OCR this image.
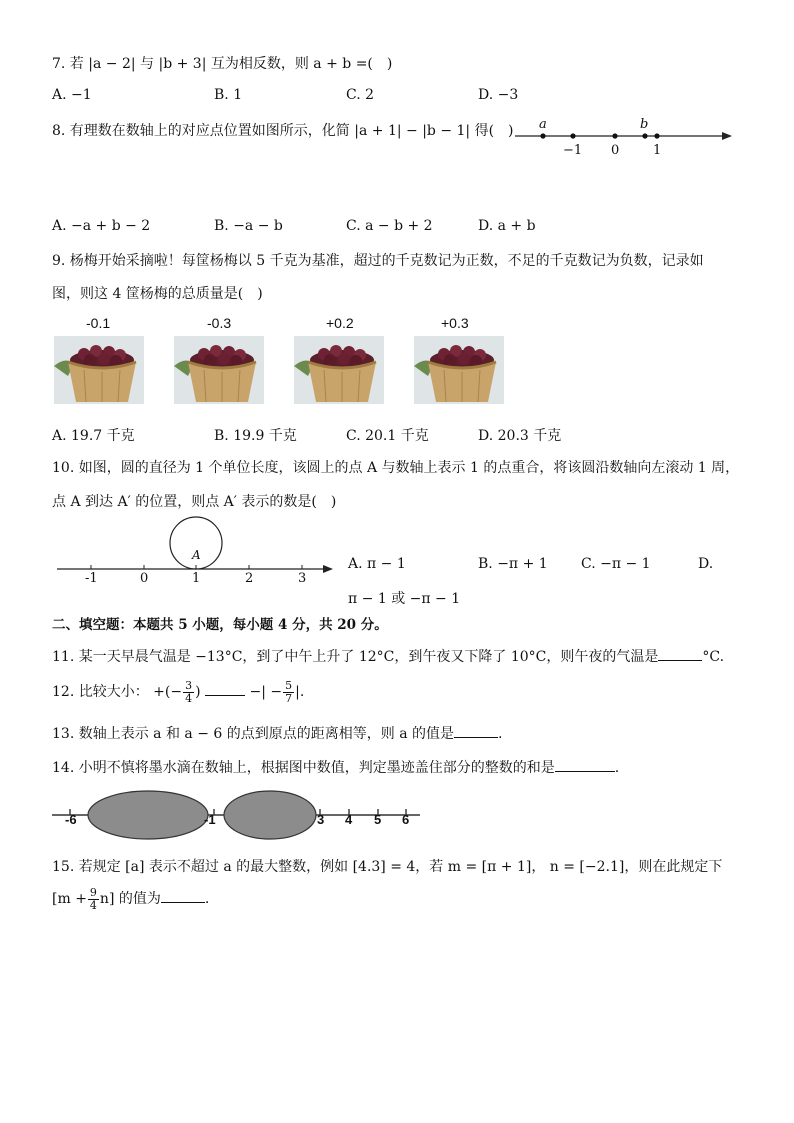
7. 若 |a − 2| 与 |b + 3| 互为相反数，则 a + b =(　)
A. −1	B. 1	C. 2	D. −3
8. 有理数在数轴上的对应点位置如图所示，化简 |a + 1| − |b − 1| 得(　) a	b
−1 0	1
A. −a + b − 2	B. −a − b	C. a − b + 2	D. a + b
9. 杨梅开始采摘啦！每筐杨梅以 5 千克为基准，超过的千克数记为正数，不足的千克数记为负数，记录如
图，则这 4 筐杨梅的总质量是(　)
-0.1	-0.3	+0.2	+0.3
A. 19.7 千克	B. 19.9 千克	C. 20.1 千克	D. 20.3 千克
10. 如图，圆的直径为 1 个单位长度，该圆上的点 A 与数轴上表示 1 的点重合，将该圆沿数轴向左滚动 1 周，
点 A 到达 A′ 的位置，则点 A′ 表示的数是(　)
A
-1	0	1	2	3
A. π − 1	B. −π + 1 C. −π − 1	D.
π − 1 或 −π − 1
二、填空题：本题共 5 小题，每小题 4 分，共 20 分。
11. 某一天早晨气温是 −13°C，到了中午上升了 12°C，到午夜又下降了 10°C，则午夜的气温是	°C.
12. 比较大小： +(− $\frac{3}{4}$ )	−| − $\frac{5}{7}$ |.
13. 数轴上表示 a 和 a − 6 的点到原点的距离相等，则 a 的值是	.
14. 小明不慎将墨水滴在数轴上，根据图中数值，判定墨迹盖住部分的整数的和是	.
-6	-1	3 4 5 6
15. 若规定 [a] 表示不超过 a 的最大整数，例如 [4.3] = 4，若 m = [π + 1]， n = [−2.1]，则在此规定下
$[m + \frac{9}{4} n]$ 的值为	.
